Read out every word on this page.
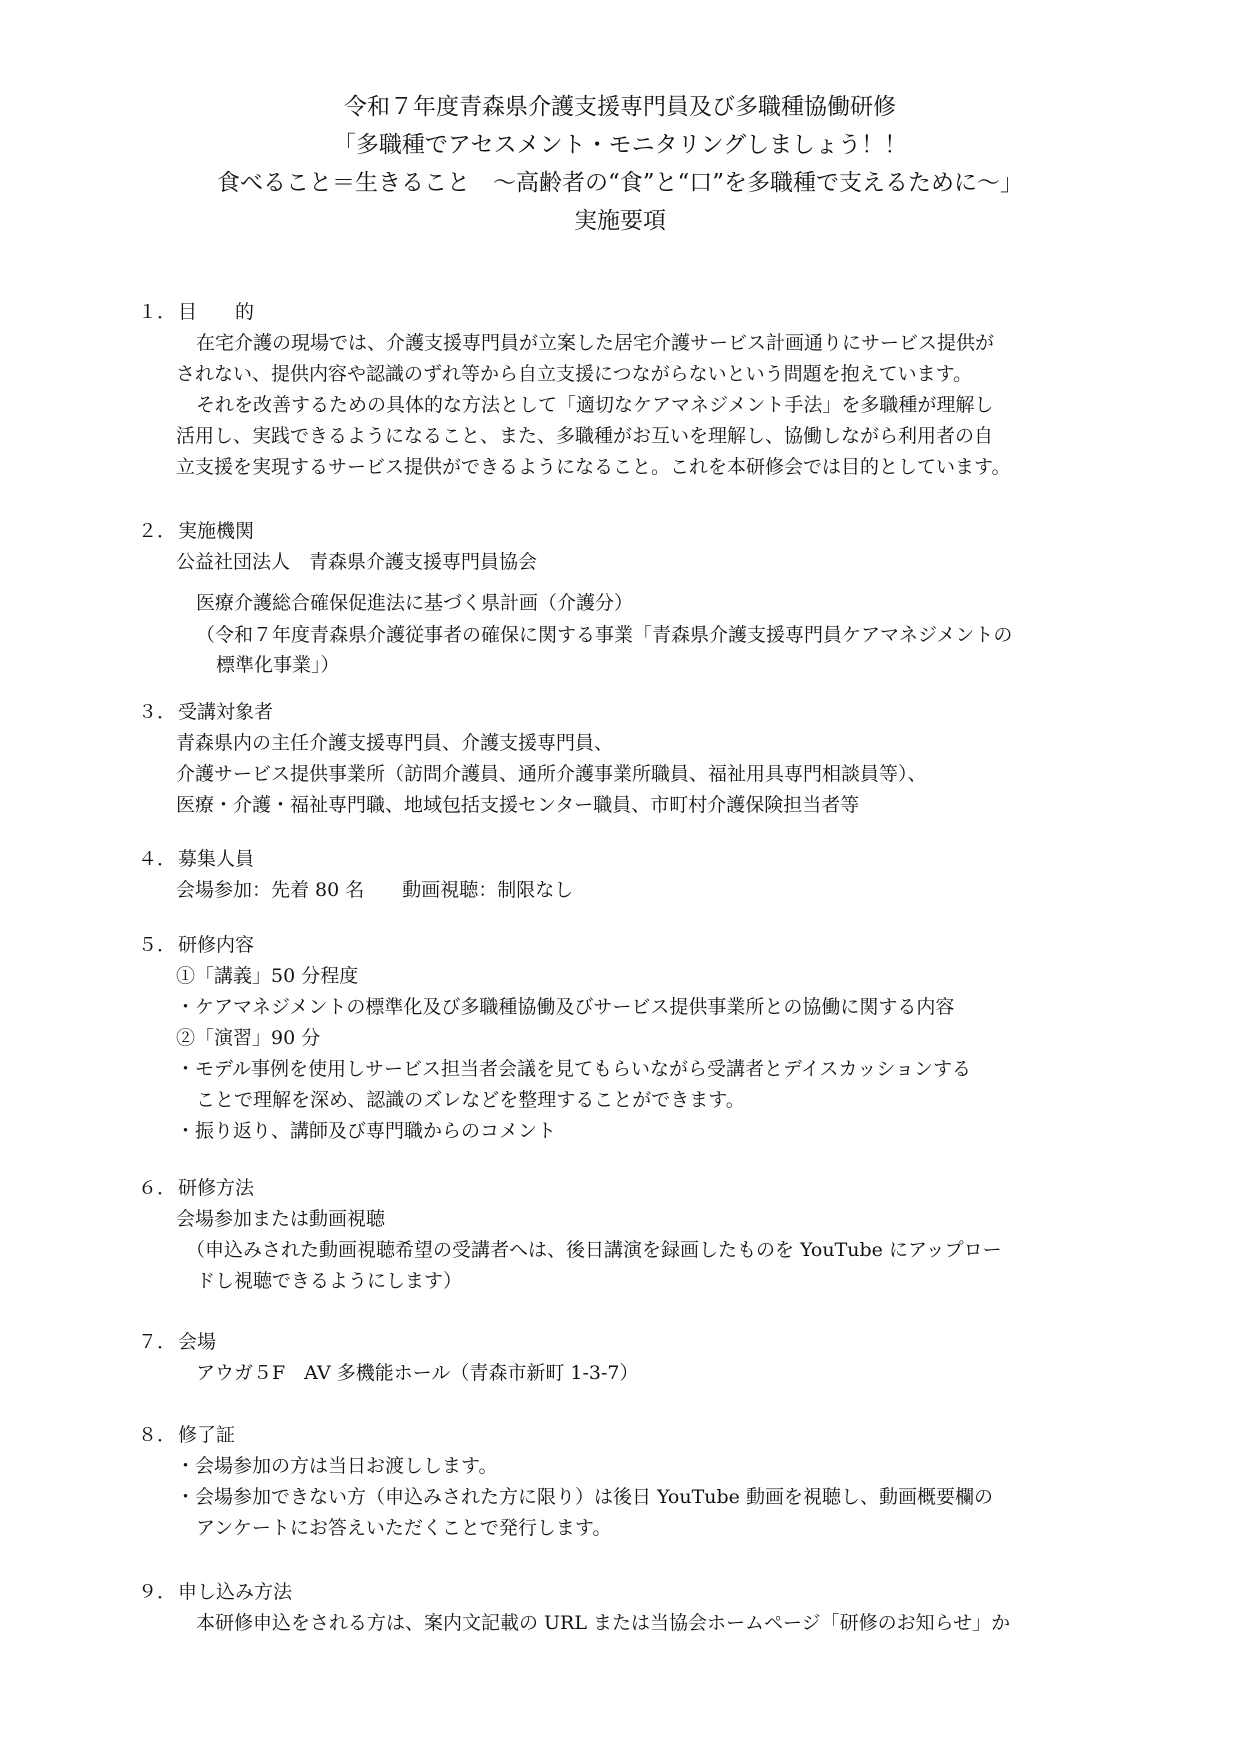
令和７年度青森県介護支援専門員及び多職種協働研修
「多職種でアセスメント・モニタリングしましょう！！
食べること＝生きること　～高齢者の“食”と“口”を多職種で支えるために～」
実施要項
１． 目　　的
在宅介護の現場では、介護支援専門員が立案した居宅介護サービス計画通りにサービス提供が
されない、提供内容や認識のずれ等から自立支援につながらないという問題を抱えています。
それを改善するための具体的な方法として「適切なケアマネジメント手法」を多職種が理解し
活用し、実践できるようになること、また、多職種がお互いを理解し、協働しながら利用者の自
立支援を実現するサービス提供ができるようになること。これを本研修会では目的としています。
２． 実施機関
公益社団法人　青森県介護支援専門員協会
医療介護総合確保促進法に基づく県計画（介護分）
（令和７年度青森県介護従事者の確保に関する事業「青森県介護支援専門員ケアマネジメントの
標準化事業」）
３． 受講対象者
青森県内の主任介護支援専門員、介護支援専門員、
介護サービス提供事業所（訪問介護員、通所介護事業所職員、福祉用具専門相談員等）、
医療・介護・福祉専門職、地域包括支援センター職員、市町村介護保険担当者等
４． 募集人員
会場参加：先着 80 名　　動画視聴：制限なし
５． 研修内容
①「講義」50 分程度
・ケアマネジメントの標準化及び多職種協働及びサービス提供事業所との協働に関する内容
②「演習」90 分
・モデル事例を使用しサービス担当者会議を見てもらいながら受講者とデイスカッションする
ことで理解を深め、認識のズレなどを整理することができます。
・振り返り、講師及び専門職からのコメント
６． 研修方法
会場参加または動画視聴
（申込みされた動画視聴希望の受講者へは、後日講演を録画したものを YouTube にアップロー
ドし視聴できるようにします）
７． 会場
アウガ５F　AV 多機能ホール（青森市新町 1-3-7）
８． 修了証
・会場参加の方は当日お渡しします。
・会場参加できない方（申込みされた方に限り）は後日 YouTube 動画を視聴し、動画概要欄の
アンケートにお答えいただくことで発行します。
９． 申し込み方法
本研修申込をされる方は、案内文記載の URL または当協会ホームページ「研修のお知らせ」か
